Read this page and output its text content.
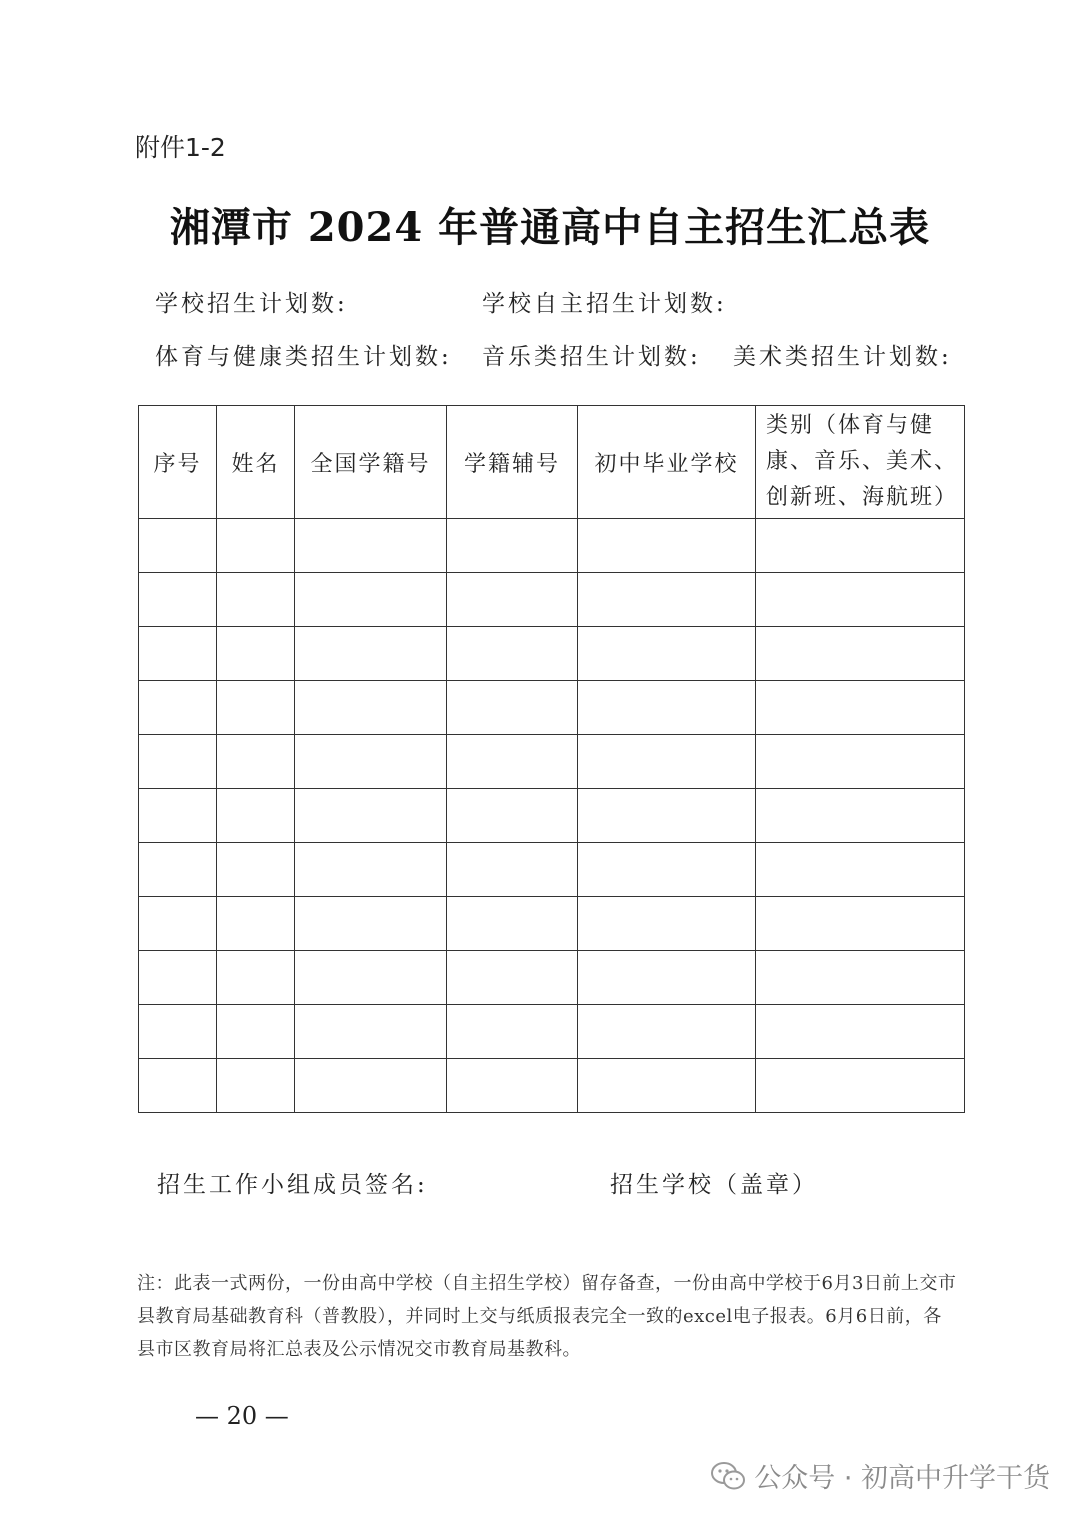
附件1-2
湘潭市 2024 年普通高中自主招生汇总表
学校招生计划数:	学校自主招生计划数:
体育与健康类招生计划数: 音乐类招生计划数: 美术类招生计划数:
序号	姓名	全国学籍号	学籍辅号	初中毕业学校	类别（体育与健
康、音乐、美术、
创新班、海航班）

招生工作小组成员签名:	招生学校（盖章）
注：此表一式两份，一份由高中学校（自主招生学校）留存备查，一份由高中学校于6月3日前上交市县教育局基础教育科（普教股），并同时上交与纸质报表完全一致的excel电子报表。6月6日前，各县市区教育局将汇总表及公示情况交市教育局基教科。
— 20 —
公众号 · 初高中升学干货
